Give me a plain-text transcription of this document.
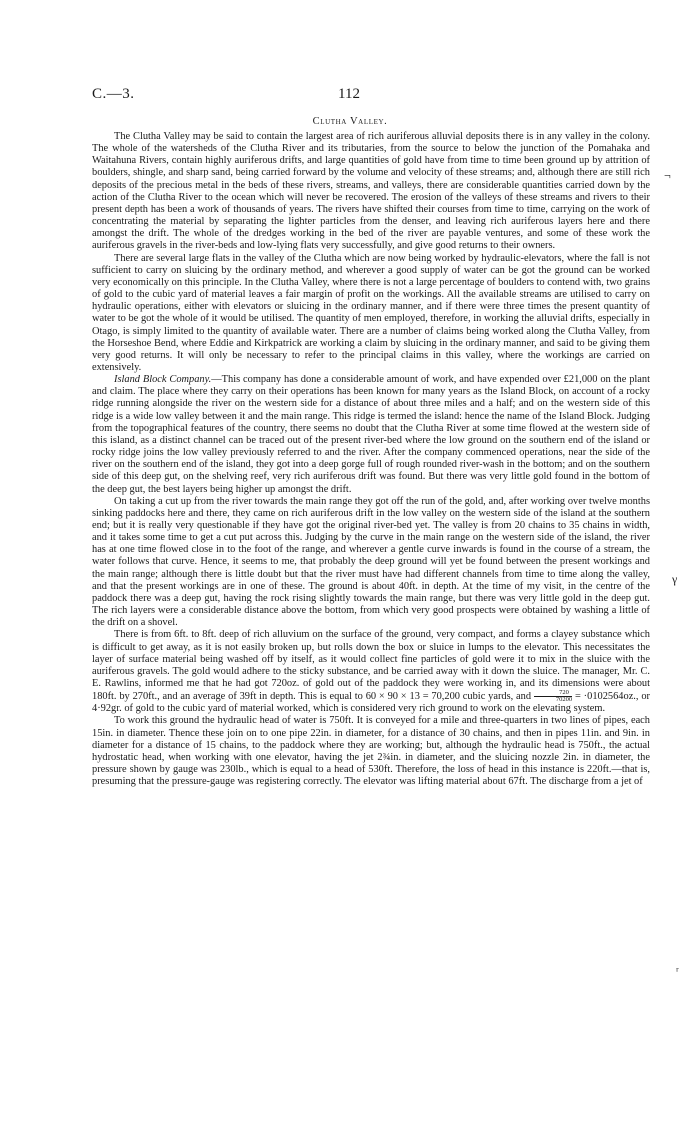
C.—3.	112
Clutha Valley.

The Clutha Valley may be said to contain the largest area of rich auriferous alluvial deposits there is in any valley in the colony. The whole of the watersheds of the Clutha River and its tributaries, from the source to below the junction of the Pomahaka and Waitahuna Rivers, contain highly auriferous drifts, and large quantities of gold have from time to time been ground up by attrition of boulders, shingle, and sharp sand, being carried forward by the volume and velocity of these streams; and, although there are still rich deposits of the precious metal in the beds of these rivers, streams, and valleys, there are considerable quantities carried down by the action of the Clutha River to the ocean which will never be recovered. The erosion of the valleys of these streams and rivers to their present depth has been a work of thousands of years. The rivers have shifted their courses from time to time, carrying on the work of concentrating the material by separating the lighter particles from the denser, and leaving rich auriferous layers here and there amongst the drift. The whole of the dredges working in the bed of the river are payable ventures, and some of these work the auriferous gravels in the river-beds and low-lying flats very successfully, and give good returns to their owners.

There are several large flats in the valley of the Clutha which are now being worked by hydraulic-elevators, where the fall is not sufficient to carry on sluicing by the ordinary method, and wherever a good supply of water can be got the ground can be worked very economically on this principle. In the Clutha Valley, where there is not a large percentage of boulders to contend with, two grains of gold to the cubic yard of material leaves a fair margin of profit on the workings. All the available streams are utilised to carry on hydraulic operations, either with elevators or sluicing in the ordinary manner, and if there were three times the present quantity of water to be got the whole of it would be utilised. The quantity of men employed, therefore, in working the alluvial drifts, especially in Otago, is simply limited to the quantity of available water. There are a number of claims being worked along the Clutha Valley, from the Horseshoe Bend, where Eddie and Kirkpatrick are working a claim by sluicing in the ordinary manner, and said to be giving them very good returns. It will only be necessary to refer to the principal claims in this valley, where the workings are carried on extensively.

Island Block Company.—This company has done a considerable amount of work, and have expended over £21,000 on the plant and claim. The place where they carry on their operations has been known for many years as the Island Block, on account of a rocky ridge running alongside the river on the western side for a distance of about three miles and a half; and on the western side of this ridge is a wide low valley between it and the main range. This ridge is termed the island: hence the name of the Island Block. Judging from the topographical features of the country, there seems no doubt that the Clutha River at some time flowed at the western side of this island, as a distinct channel can be traced out of the present river-bed where the low ground on the southern end of the island or rocky ridge joins the low valley previously referred to and the river. After the company commenced operations, near the side of the river on the southern end of the island, they got into a deep gorge full of rough rounded river-wash in the bottom; and on the southern side of this deep gut, on the shelving reef, very rich auriferous drift was found. But there was very little gold found in the bottom of the deep gut, the best layers being higher up amongst the drift.

On taking a cut up from the river towards the main range they got off the run of the gold, and, after working over twelve months sinking paddocks here and there, they came on rich auriferous drift in the low valley on the western side of the island at the southern end; but it is really very questionable if they have got the original river-bed yet. The valley is from 20 chains to 35 chains in width, and it takes some time to get a cut put across this. Judging by the curve in the main range on the western side of the island, the river has at one time flowed close in to the foot of the range, and wherever a gentle curve inwards is found in the course of a stream, the water follows that curve. Hence, it seems to me, that probably the deep ground will yet be found between the present workings and the main range; although there is little doubt but that the river must have had different channels from time to time along the valley, and that the present workings are in one of these. The ground is about 40ft. in depth. At the time of my visit, in the centre of the paddock there was a deep gut, having the rock rising slightly towards the main range, but there was very little gold in the deep gut. The rich layers were a considerable distance above the bottom, from which very good prospects were obtained by washing a little of the drift on a shovel.

There is from 6ft. to 8ft. deep of rich alluvium on the surface of the ground, very compact, and forms a clayey substance which is difficult to get away, as it is not easily broken up, but rolls down the box or sluice in lumps to the elevator. This necessitates the layer of surface material being washed off by itself, as it would collect fine particles of gold were it to mix in the sluice with the auriferous gravels. The gold would adhere to the sticky substance, and be carried away with it down the sluice. The manager, Mr. C. E. Rawlins, informed me that he had got 720oz. of gold out of the paddock they were working in, and its dimensions were about 180ft. by 270ft., and an average of 39ft in depth. This is equal to 60 × 90 × 13 = 70,200 cubic yards, and $\frac{720}{70200} = \cdot 0102564oz$., or 4·92gr. of gold to the cubic yard of material worked, which is considered very rich ground to work on the elevating system.

To work this ground the hydraulic head of water is 750ft. It is conveyed for a mile and three-quarters in two lines of pipes, each 15in. in diameter. Thence these join on to one pipe 22in. in diameter, for a distance of 30 chains, and then in pipes 11in. and 9in. in diameter for a distance of 15 chains, to the paddock where they are working; but, although the hydraulic head is 750ft., the actual hydrostatic head, when working with one elevator, having the jet 2¾in. in diameter, and the sluicing nozzle 2in. in diameter, the pressure shown by gauge was 230lb., which is equal to a head of 530ft. Therefore, the loss of head in this instance is 220ft.—that is, presuming that the pressure-gauge was registering correctly. The elevator was lifting material about 67ft. The discharge from a jet of

¬
γ
ʳ
